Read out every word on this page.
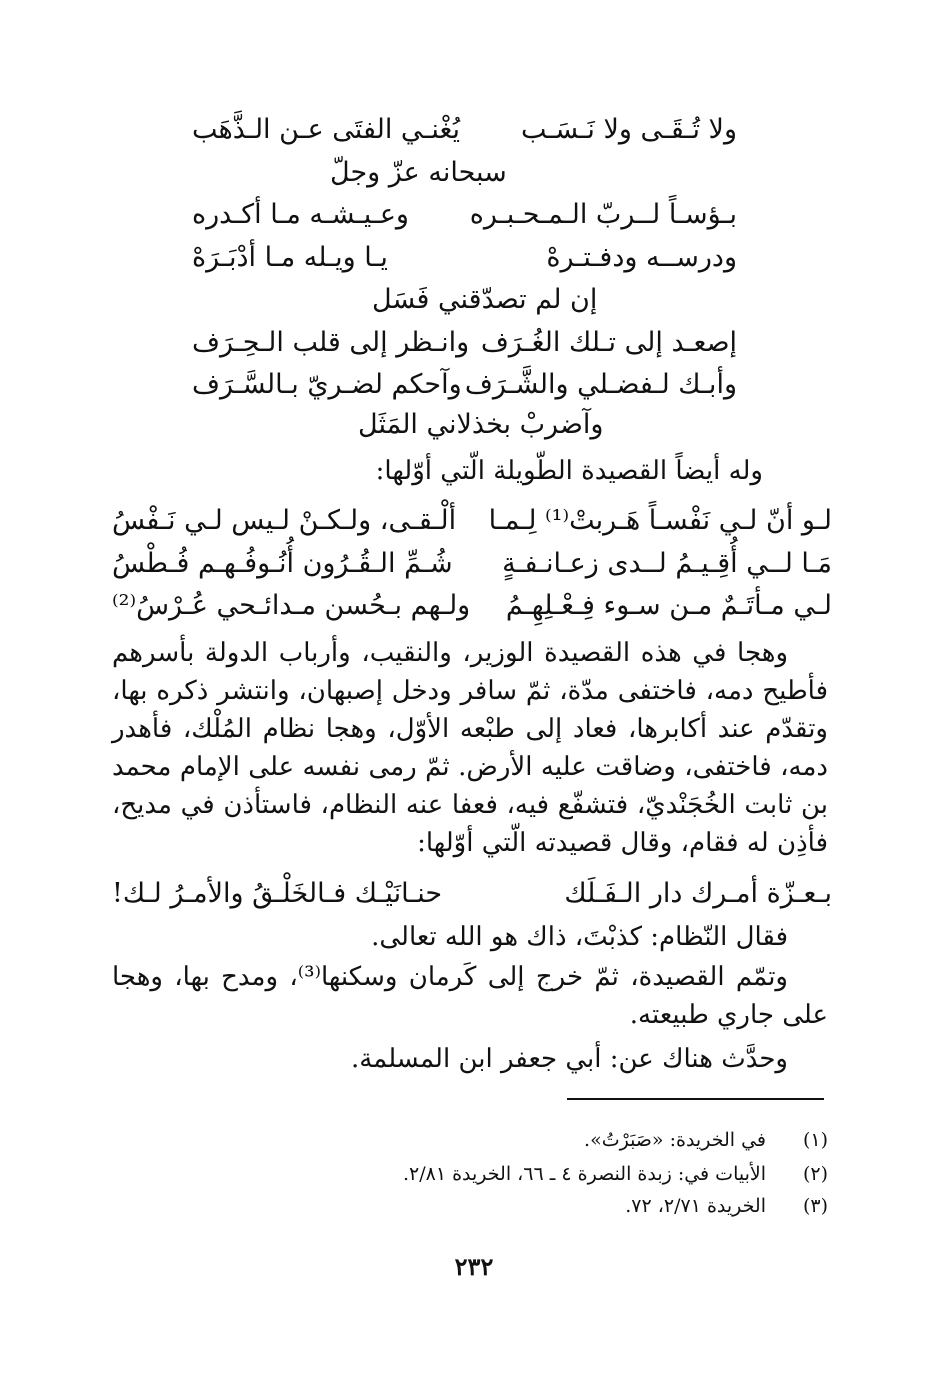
ولا تُـقَـى ولا نَـسَـب
يُغْنـي الفتَى عـن الـذَّهَب
سبحانه عزّ وجلّ
بـؤسـاً لــربّ الـمـحـبـره
وعـيـشـه مـا أكـدره
ودرســه ودفـتـرهْ
يـا ويـله مـا أدْبَـرَهْ
إن لم تصدّقني فَسَل
إصعـد إلى تـلك الغُـرَف
وانـظر إلى قلب الـحِـرَف
وأبـك لـفضـلي والشَّـرَف
وآحكم لضـريّ بـالسَّـرَف
وآضربْ بخذلاني المَثَل
وله أيضاً القصيدة الطّويلة الّتي أوّلها:
لـو أنّ لـي نَفْسـاً هَـربتْ⁽¹⁾ لِـمـا
ألْـقـى، ولـكـنْ لـيس لـي نَـفْسُ
مَـا لــي أُقِـيـمُ لــدى زعـانـفـةٍ
شُـمِّ الـقُـرُون أُنُـوفُـهـم فُـطْسُ
لـي مـأتَـمٌ مـن سـوء فِـعْـلِهِـمُ
ولـهم بـحُسن مـدائـحي عُـرْسُ⁽²⁾

وهجا في هذه القصيدة الوزير، والنقيب، وأرباب الدولة بأسرهم فأطيح دمه، فاختفى مدّة، ثمّ سافر ودخل إصبهان، وانتشر ذكره بها، وتقدّم عند أكابرها، فعاد إلى طبْعه الأوّل، وهجا نظام المُلْك، فأهدر دمه، فاختفى، وضاقت عليه الأرض. ثمّ رمى نفسه على الإمام محمد بن ثابت الخُجَنْديّ، فتشفّع فيه، فعفا عنه النظام، فاستأذن في مديح، فأذِن له فقام، وقال قصيدته الّتي أوّلها:

بـعـزّة أمـرك دار الـفَـلَك
حنـانَيْـك فـالخَلْـقُ والأمـرُ لـك!

فقال النّظام: كذبْتَ، ذاك هو الله تعالى.

وتمّم القصيدة، ثمّ خرج إلى كَرمان وسكنها⁽³⁾، ومدح بها، وهجا على جاري طبيعته.

وحدَّث هناك عن: أبي جعفر ابن المسلمة.

(١)
في الخريدة: «صَبَرْتُ».
(٢)
الأبيات في: زبدة النصرة ٤ ـ ٦٦، الخريدة ٢/٨١.
(٣)
الخريدة ٢/٧١، ٧٢.
٢٣٢
